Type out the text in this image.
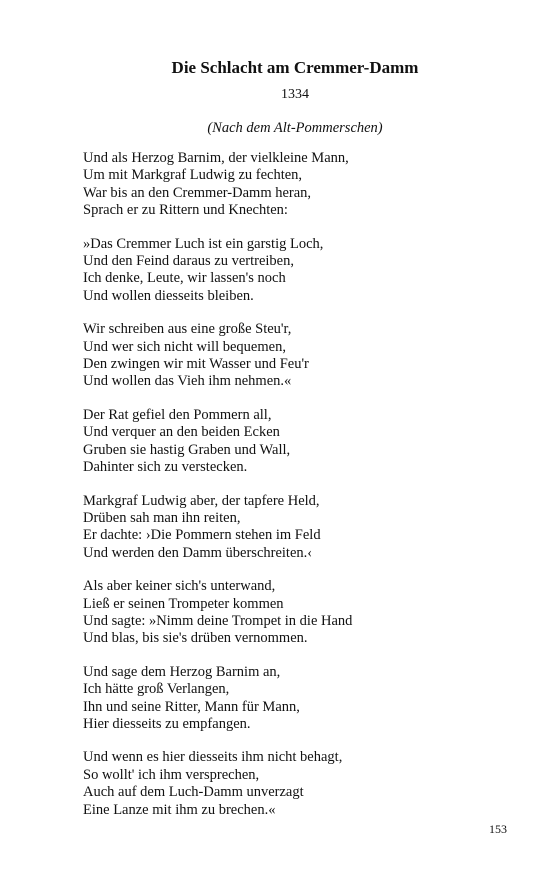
Die Schlacht am Cremmer-Damm
1334
(Nach dem Alt-Pommerschen)
Und als Herzog Barnim, der vielkleine Mann,
Um mit Markgraf Ludwig zu fechten,
War bis an den Cremmer-Damm heran,
Sprach er zu Rittern und Knechten:
»Das Cremmer Luch ist ein garstig Loch,
Und den Feind daraus zu vertreiben,
Ich denke, Leute, wir lassen's noch
Und wollen diesseits bleiben.
Wir schreiben aus eine große Steu'r,
Und wer sich nicht will bequemen,
Den zwingen wir mit Wasser und Feu'r
Und wollen das Vieh ihm nehmen.«
Der Rat gefiel den Pommern all,
Und verquer an den beiden Ecken
Gruben sie hastig Graben und Wall,
Dahinter sich zu verstecken.
Markgraf Ludwig aber, der tapfere Held,
Drüben sah man ihn reiten,
Er dachte: ›Die Pommern stehen im Feld
Und werden den Damm überschreiten.‹
Als aber keiner sich's unterwand,
Ließ er seinen Trompeter kommen
Und sagte: »Nimm deine Trompet in die Hand
Und blas, bis sie's drüben vernommen.
Und sage dem Herzog Barnim an,
Ich hätte groß Verlangen,
Ihn und seine Ritter, Mann für Mann,
Hier diesseits zu empfangen.
Und wenn es hier diesseits ihm nicht behagt,
So wollt' ich ihm versprechen,
Auch auf dem Luch-Damm unverzagt
Eine Lanze mit ihm zu brechen.«
153
